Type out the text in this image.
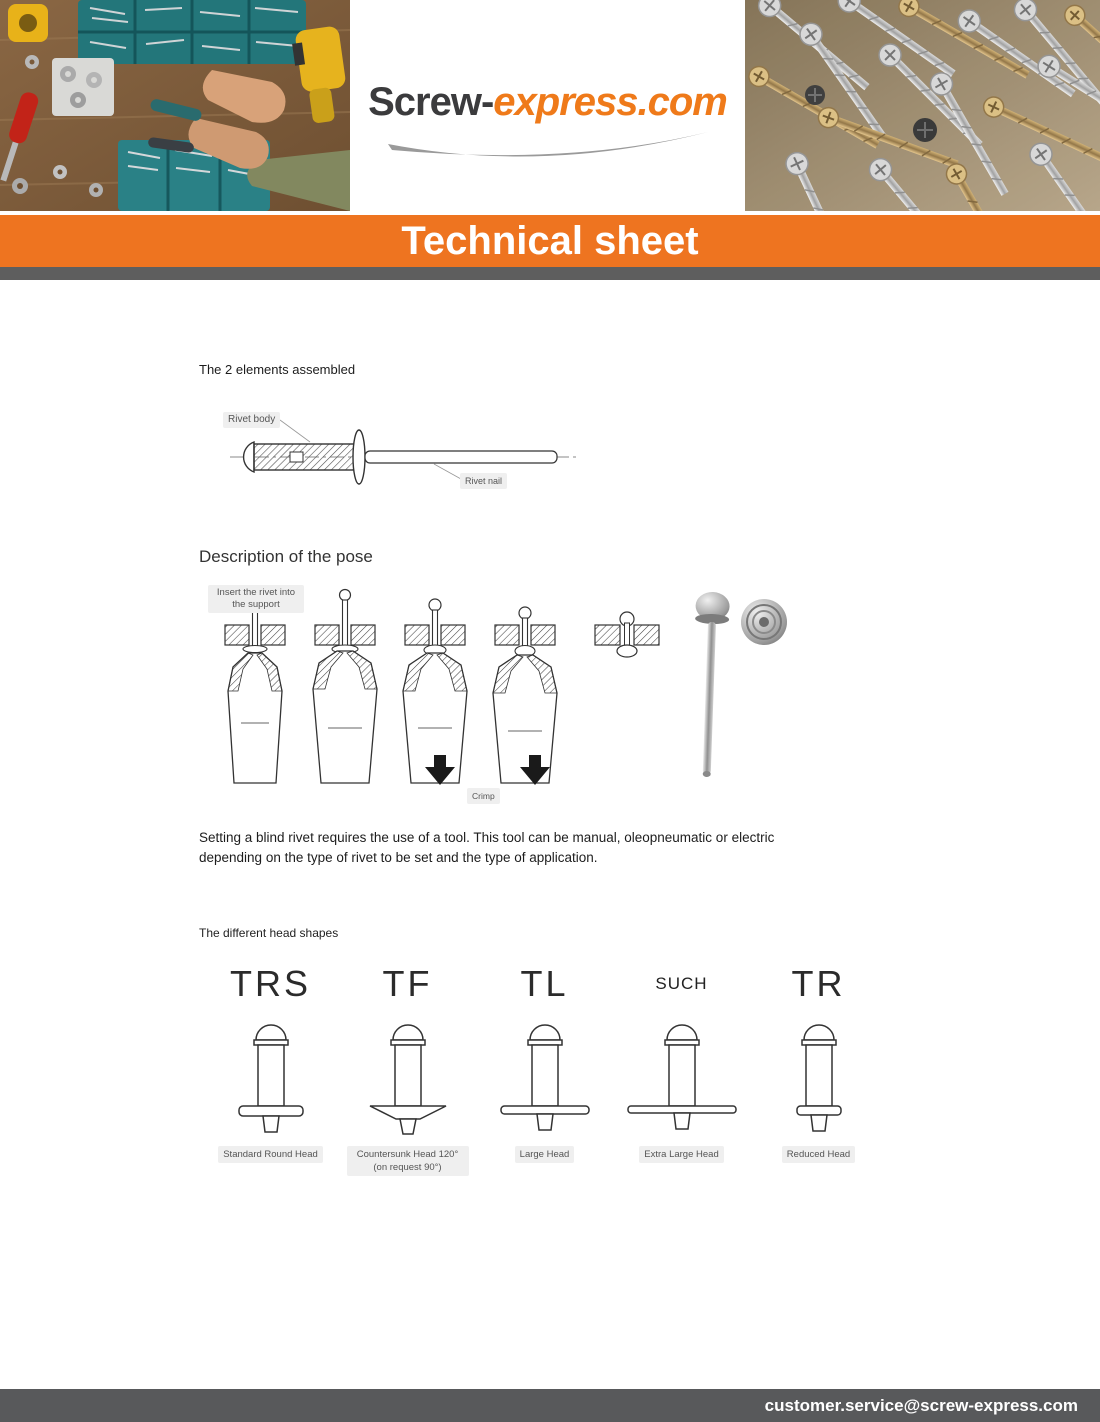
Screw-express.com
Technical sheet
The 2 elements assembled
Rivet body
Rivet nail
Description of the pose
Insert the rivet into the support
Crimp
Setting a blind rivet requires the use of a tool. This tool can be manual, oleopneumatic or electric depending on the type of rivet to be set and the type of application.
The different head shapes
TRS
Standard Round Head
TF
Countersunk Head 120° (on request 90°)
TL
Large Head
SUCH
Extra Large Head
TR
Reduced Head
customer.service@screw-express.com
